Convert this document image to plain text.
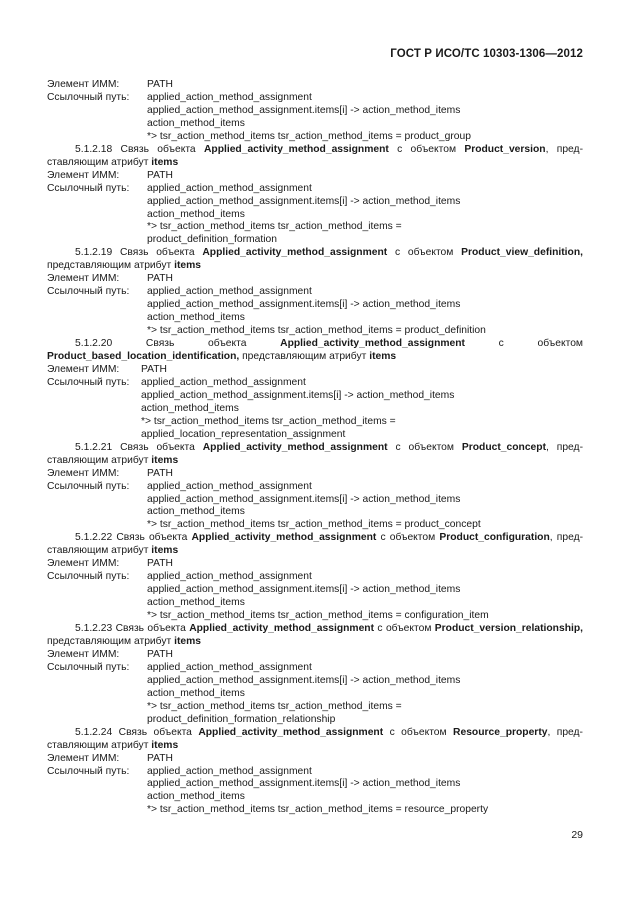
ГОСТ Р ИСО/ТС 10303-1306—2012
Элемент ИММ:	PATH
Ссылочный путь:	applied_action_method_assignment
applied_action_method_assignment.items[i] -> action_method_items
action_method_items
*> tsr_action_method_items tsr_action_method_items = product_group
5.1.2.18 Связь объекта Applied_activity_method_assignment с объектом Product_version, пред-ставляющим атрибут items
Элемент ИММ:	PATH
Ссылочный путь:	applied_action_method_assignment
applied_action_method_assignment.items[i] -> action_method_items
action_method_items
*> tsr_action_method_items tsr_action_method_items =
product_definition_formation
5.1.2.19 Связь объекта Applied_activity_method_assignment с объектом Product_view_definition, представляющим атрибут items
Элемент ИММ:	PATH
Ссылочный путь:	applied_action_method_assignment
applied_action_method_assignment.items[i] -> action_method_items
action_method_items
*> tsr_action_method_items tsr_action_method_items = product_definition
5.1.2.20 Связь объекта Applied_activity_method_assignment с объектом Product_based_location_identification, представляющим атрибут items
Элемент ИММ:	PATH
Ссылочный путь:	applied_action_method_assignment
applied_action_method_assignment.items[i] -> action_method_items
action_method_items
*> tsr_action_method_items tsr_action_method_items =
applied_location_representation_assignment
5.1.2.21 Связь объекта Applied_activity_method_assignment с объектом Product_concept, пред-ставляющим атрибут items
Элемент ИММ:	PATH
Ссылочный путь:	applied_action_method_assignment
applied_action_method_assignment.items[i] -> action_method_items
action_method_items
*> tsr_action_method_items tsr_action_method_items = product_concept
5.1.2.22 Связь объекта Applied_activity_method_assignment с объектом Product_configuration, пред-ставляющим атрибут items
Элемент ИММ:	PATH
Ссылочный путь:	applied_action_method_assignment
applied_action_method_assignment.items[i] -> action_method_items
action_method_items
*> tsr_action_method_items tsr_action_method_items = configuration_item
5.1.2.23 Связь объекта Applied_activity_method_assignment с объектом Product_version_relationship, представляющим атрибут items
Элемент ИММ:	PATH
Ссылочный путь:	applied_action_method_assignment
applied_action_method_assignment.items[i] -> action_method_items
action_method_items
*> tsr_action_method_items tsr_action_method_items =
product_definition_formation_relationship
5.1.2.24 Связь объекта Applied_activity_method_assignment с объектом Resource_property, пред-ставляющим атрибут items
Элемент ИММ:	PATH
Ссылочный путь:	applied_action_method_assignment
applied_action_method_assignment.items[i] -> action_method_items
action_method_items
*> tsr_action_method_items tsr_action_method_items = resource_property
29
